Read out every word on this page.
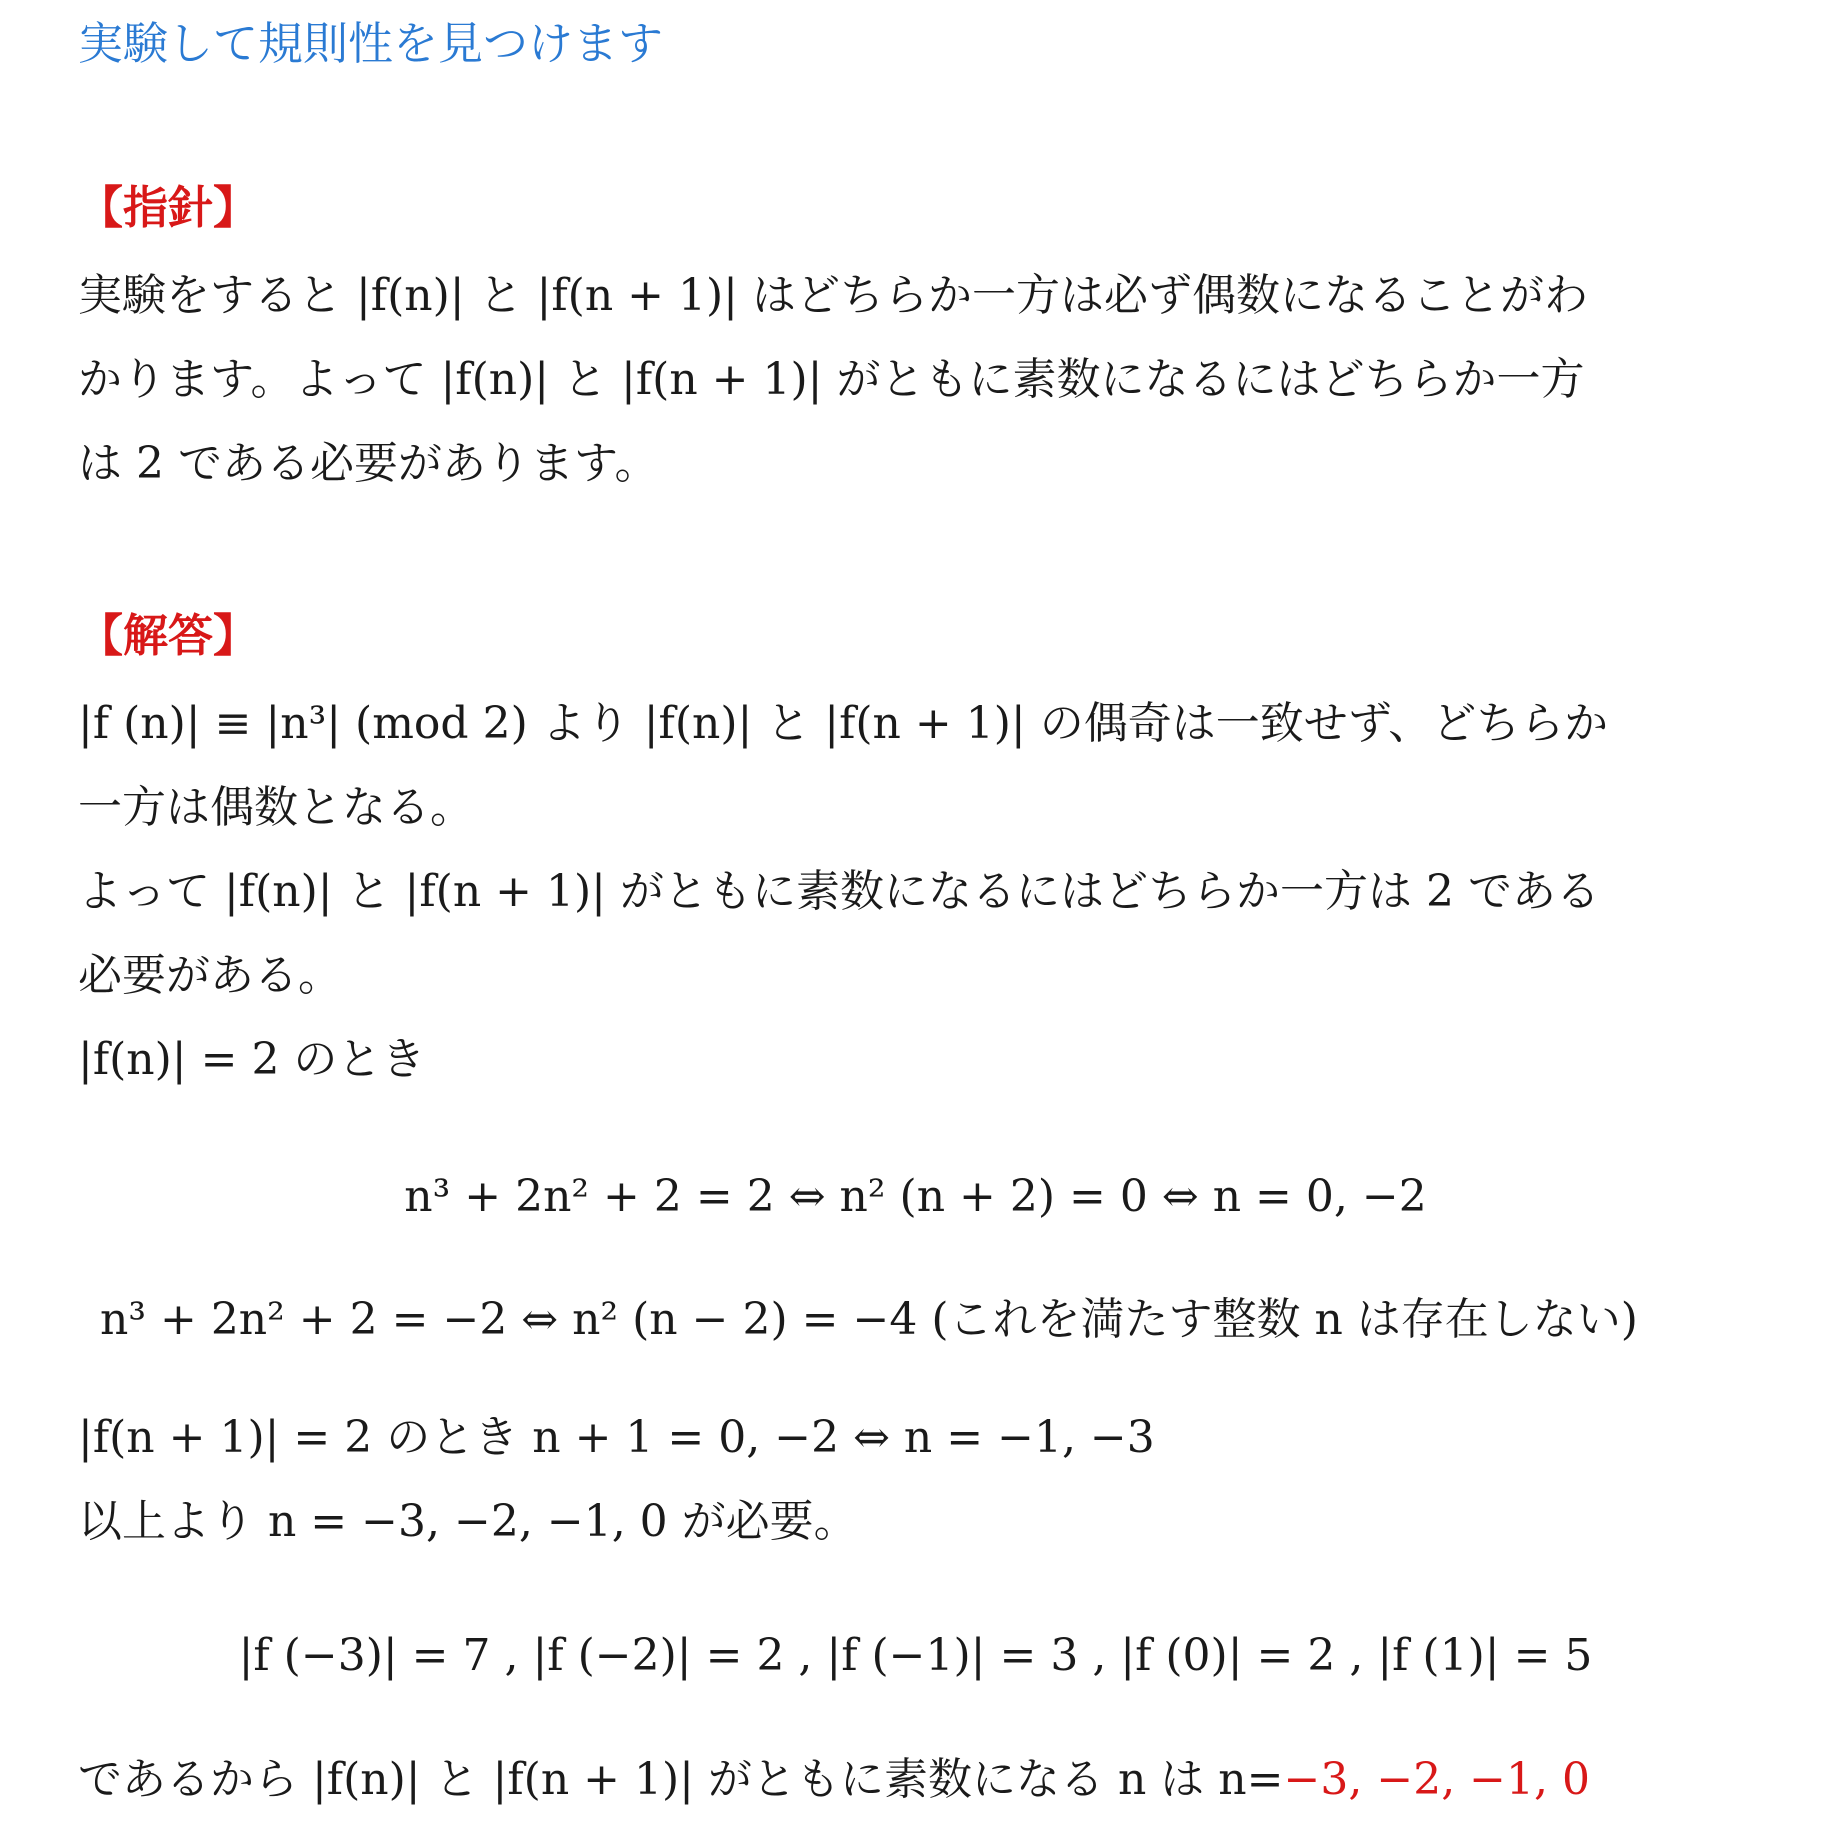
実験して規則性を見つけます
【指針】
実験をすると |f(n)| と |f(n + 1)| はどちらか一方は必ず偶数になることがわ
かります。よって |f(n)| と |f(n + 1)| がともに素数になるにはどちらか一方
は 2 である必要があります。
【解答】
|f (n)| ≡ |n³| (mod 2) より |f(n)| と |f(n + 1)| の偶奇は一致せず、どちらか
一方は偶数となる。
よって |f(n)| と |f(n + 1)| がともに素数になるにはどちらか一方は 2 である
必要がある。
|f(n)| = 2 のとき
n³ + 2n² + 2 = 2 ⇔ n² (n + 2) = 0 ⇔ n = 0, −2
n³ + 2n² + 2 = −2 ⇔ n² (n − 2) = −4 (これを満たす整数 n は存在しない)
|f(n + 1)| = 2 のとき n + 1 = 0, −2 ⇔ n = −1, −3
以上より n = −3, −2, −1, 0 が必要。
|f (−3)| = 7 , |f (−2)| = 2 , |f (−1)| = 3 , |f (0)| = 2 , |f (1)| = 5
であるから |f(n)| と |f(n + 1)| がともに素数になる n は n=−3, −2, −1, 0
